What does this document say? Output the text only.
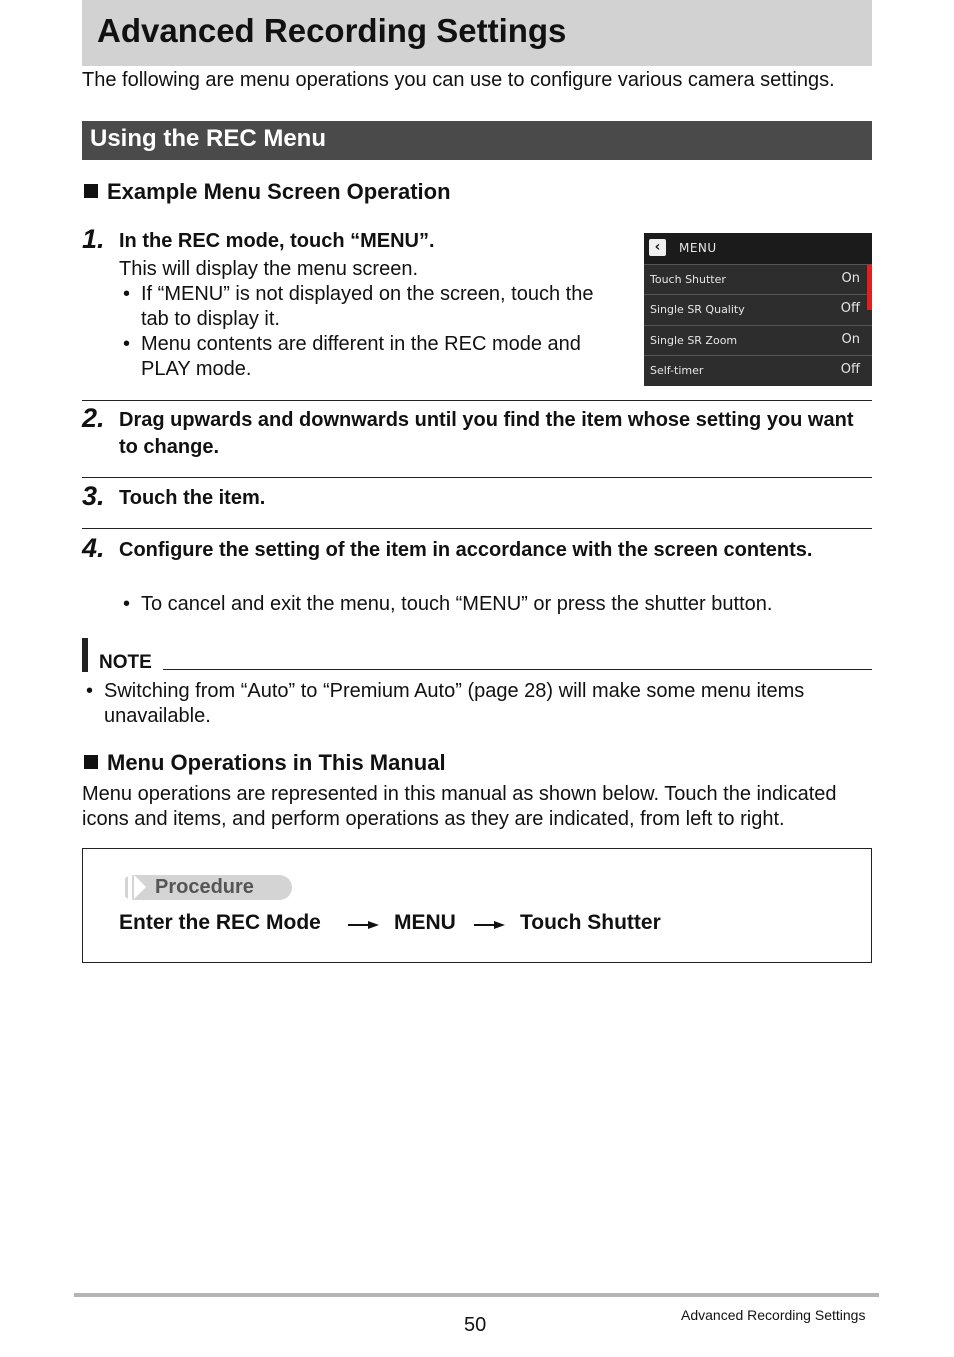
Advanced Recording Settings
The following are menu operations you can use to configure various camera settings.
Using the REC Menu
Example Menu Screen Operation
1. In the REC mode, touch “MENU”.
This will display the menu screen.
• If “MENU” is not displayed on the screen, touch the tab to display it.
• Menu contents are different in the REC mode and PLAY mode.
‹	MENU
Touch Shutter	On
Single SR Quality	Off
Single SR Zoom	On
Self-timer	Off
2. Drag upwards and downwards until you find the item whose setting you want to change.
3. Touch the item.
4. Configure the setting of the item in accordance with the screen contents.
• To cancel and exit the menu, touch “MENU” or press the shutter button.
NOTE
• Switching from “Auto” to “Premium Auto” (page 28) will make some menu items unavailable.
Menu Operations in This Manual
Menu operations are represented in this manual as shown below. Touch the indicated icons and items, and perform operations as they are indicated, from left to right.
Procedure
Enter the REC Mode	MENU	Touch Shutter
50	Advanced Recording Settings
